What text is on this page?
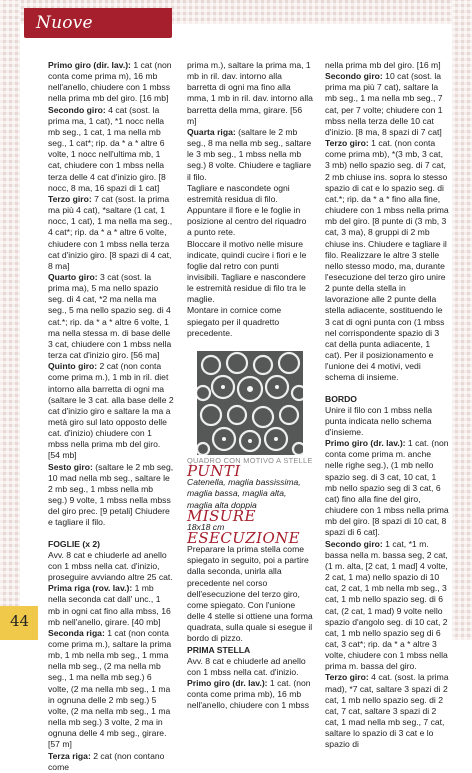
Nuove Tendenze

Primo giro (dir. lav.): 1 cat (non conta come prima m), 16 mb nell'anello, chiudere con 1 mbss nella prima mb del giro. [16 mb]

Secondo giro: 4 cat (sost. la prima ma, 1 cat), *1 nocc nella mb seg., 1 cat, 1 ma nella mb seg., 1 cat*; rip. da * a * altre 6 volte, 1 nocc nell'ultima mb, 1 cat, chiudere con 1 mbss nella terza delle 4 cat d'inizio giro. [8 nocc, 8 ma, 16 spazi di 1 cat]

Terzo giro: 7 cat (sost. la prima ma più 4 cat), *saltare (1 cat, 1 nocc, 1 cat), 1 ma nella ma seg., 4 cat*; rip. da * a * altre 6 volte, chiudere con 1 mbss nella terza cat d'inizio giro. [8 spazi di 4 cat, 8 ma]

Quarto giro: 3 cat (sost. la prima ma), 5 ma nello spazio seg. di 4 cat, *2 ma nella ma seg., 5 ma nello spazio seg. di 4 cat.*; rip. da * a * altre 6 volte, 1 ma nella stessa m. di base delle 3 cat, chiudere con 1 mbss nella terza cat d'inizio giro. [56 ma]

Quinto giro: 2 cat (non conta come prima m.), 1 mb in ril. diet intorno alla barretta di ogni ma (saltare le 3 cat. alla base delle 2 cat d'inizio giro e saltare la ma a metà giro sul lato opposto delle cat. d'inizio) chiudere con 1 mbss nella prima mb del giro. [54 mb]

Sesto giro: (saltare le 2 mb seg, 10 mad nella mb seg., saltare le 2 mb seg., 1 mbss nella mb seg.) 9 volte, 1 mbss nella mbss del giro prec. [9 petali] Chiudere e tagliare il filo.

FOGLIE (x 2)

Avv. 8 cat e chiuderle ad anello con 1 mbss nella cat. d'inizio, proseguire avviando altre 25 cat.

Prima riga (rov. lav.): 1 mb nella seconda cat dall' unc., 1 mb in ogni cat fino alla mbss, 16 mb nell'anello, girare. [40 mb]

Seconda riga: 1 cat (non conta come prima m.), saltare la prima mb, 1 mb nella mb seg., 1 mma nella mb seg., (2 ma nella mb seg., 1 ma nella mb seg.) 6 volte, (2 ma nella mb seg., 1 ma in ognuna delle 2 mb seg.) 5 volte, (2 ma nella mb seg., 1 ma nella mb seg.) 3 volte, 2 ma in ognuna delle 4 mb seg., girare. [57 m]

Terza riga: 2 cat (non contano come

prima m.), saltare la prima ma, 1 mb in ril. dav. intorno alla barretta di ogni ma fino alla mma, 1 mb in ril. dav. intorno alla barretta della mma, girare. [56 m]

Quarta riga: (saltare le 2 mb seg., 8 ma nella mb seg., saltare le 3 mb seg., 1 mbss nella mb seg.) 8 volte. Chiudere e tagliare il filo.

Tagliare e nascondete ogni estremità residua di filo. Appuntare il fiore e le foglie in posizione al centro del riquadro a punto rete.
Bloccare il motivo nelle misure indicate, quindi cucire i fiori e le foglie dal retro con punti invisibili. Tagliare e nascondere le estremità residue di filo tra le maglie.
Montare in cornice come spiegato per il quadretto precedente.

QUADRO CON MOTIVO A STELLE

PUNTI

Catenella, maglia bassissima, maglia bassa, maglia alta, maglia alta doppia

MISURE

18x18 cm

ESECUZIONE

Preparare la prima stella come spiegato in seguito, poi a partire dalla seconda, unirla alla precedente nel corso dell'esecuzione del terzo giro, come spiegato. Con l'unione delle 4 stelle si ottiene una forma quadrata, sulla quale si esegue il bordo di pizzo.

PRIMA STELLA

Avv. 8 cat e chiuderle ad anello con 1 mbss nella cat. d'inizio.

Primo giro (dr. lav.): 1 cat. (non conta come prima mb), 16 mb nell'anello, chiudere con 1 mbss

nella prima mb del giro. [16 m]

Secondo giro: 10 cat (sost. la prima ma più 7 cat), saltare la mb seg., 1 ma nella mb seg., 7 cat, per 7 volte; chiudere con 1 mbss nella terza delle 10 cat d'inizio. [8 ma, 8 spazi di 7 cat]

Terzo giro: 1 cat. (non conta come prima mb), *(3 mb, 3 cat, 3 mb) nello spazio seg. di 7 cat, 2 mb chiuse ins. sopra lo stesso spazio di cat e lo spazio seg. di cat.*; rip. da * a * fino alla fine, chiudere con 1 mbss nella prima mb del giro. [8 punte di (3 mb, 3 cat, 3 ma), 8 gruppi di 2 mb chiuse ins. Chiudere e tagliare il filo. Realizzare le altre 3 stelle nello stesso modo, ma, durante l'esecuzione del terzo giro unire 2 punte della stella in lavorazione alle 2 punte della stella adiacente, sostituendo le 3 cat di ogni punta con (1 mbss nel corrispondente spazio di 3 cat della punta adiacente, 1 cat). Per il posizionamento e l'unione dei 4 motivi, vedi schema di insieme.

BORDO

Unire il filo con 1 mbss nella punta indicata nello schema d'insieme.

Primo giro (dr. lav.): 1 cat. (non conta come prima m. anche nelle righe seg.), (1 mb nello spazio seg. di 3 cat, 10 cat, 1 mb nello spazio seg di 3 cat, 6 cat) fino alla fine del giro, chiudere con 1 mbss nella prima mb del giro. [8 spazi di 10 cat, 8 spazi di 6 cat].

Secondo giro: 1 cat, *1 m. bassa nella m. bassa seg, 2 cat, (1 m. alta, [2 cat, 1 mad] 4 volte, 2 cat, 1 ma) nello spazio di 10 cat, 2 cat, 1 mb nella mb seg., 3 cat, 1 mb nello spazio seg. di 6 cat, (2 cat, 1 mad) 9 volte nello spazio d'angolo seg. di 10 cat, 2 cat, 1 mb nello spazio seg di 6 cat, 3 cat*; rip. da * a * altre 3 volte, chiudere con 1 mbss nella prima m. bassa del giro.

Terzo giro: 4 cat. (sost. la prima mad), *7 cat, saltare 3 spazi di 2 cat, 1 mb nello spazio seg. di 2 cat, 7 cat, saltare 3 spazi di 2 cat, 1 mad nella mb seg., 7 cat, saltare lo spazio di 3 cat e lo spazio di

44
